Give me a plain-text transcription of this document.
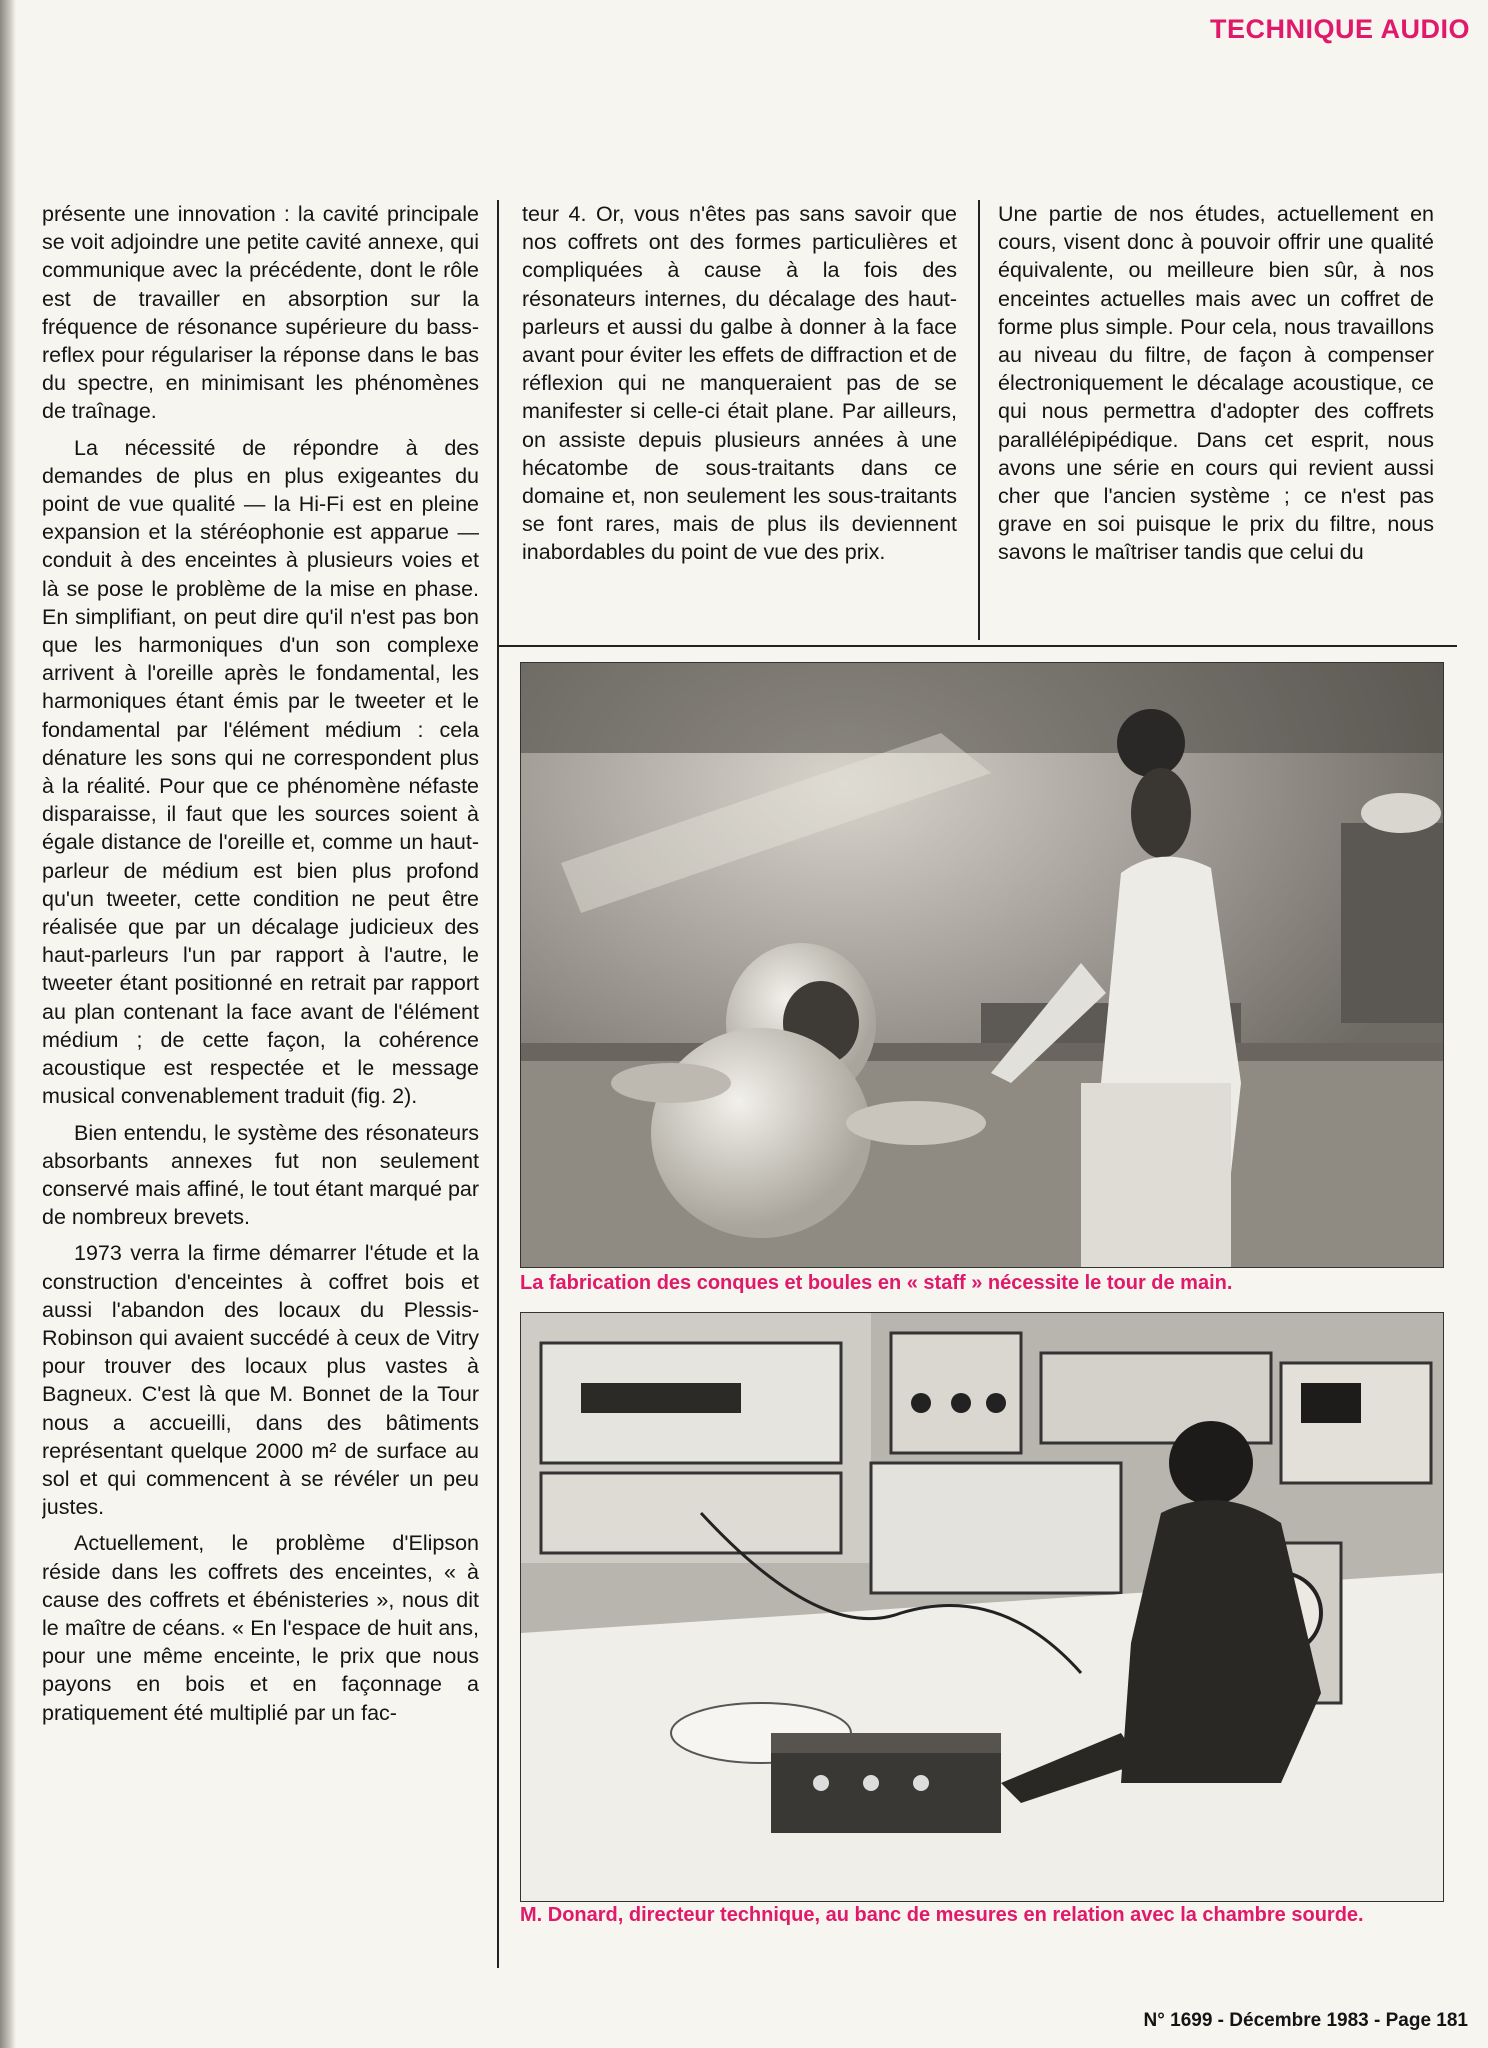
TECHNIQUE AUDIO

présente une innovation : la cavité principale se voit adjoindre une petite cavité annexe, qui communique avec la précédente, dont le rôle est de travailler en absorption sur la fréquence de résonance supérieure du bass-reflex pour régulariser la réponse dans le bas du spectre, en minimisant les phénomènes de traînage.

La nécessité de répondre à des demandes de plus en plus exigeantes du point de vue qualité — la Hi-Fi est en pleine expansion et la stéréophonie est apparue — conduit à des enceintes à plusieurs voies et là se pose le problème de la mise en phase. En simplifiant, on peut dire qu'il n'est pas bon que les harmoniques d'un son complexe arrivent à l'oreille après le fondamental, les harmoniques étant émis par le tweeter et le fondamental par l'élément médium : cela dénature les sons qui ne correspondent plus à la réalité. Pour que ce phénomène néfaste disparaisse, il faut que les sources soient à égale distance de l'oreille et, comme un haut-parleur de médium est bien plus profond qu'un tweeter, cette condition ne peut être réalisée que par un décalage judicieux des haut-parleurs l'un par rapport à l'autre, le tweeter étant positionné en retrait par rapport au plan contenant la face avant de l'élément médium ; de cette façon, la cohérence acoustique est respectée et le message musical convenablement traduit (fig. 2).

Bien entendu, le système des résonateurs absorbants annexes fut non seulement conservé mais affiné, le tout étant marqué par de nombreux brevets.

1973 verra la firme démarrer l'étude et la construction d'enceintes à coffret bois et aussi l'abandon des locaux du Plessis-Robinson qui avaient succédé à ceux de Vitry pour trouver des locaux plus vastes à Bagneux. C'est là que M. Bonnet de la Tour nous a accueilli, dans des bâtiments représentant quelque 2000 m² de surface au sol et qui commencent à se révéler un peu justes.

Actuellement, le problème d'Elipson réside dans les coffrets des enceintes, « à cause des coffrets et ébénisteries », nous dit le maître de céans. « En l'espace de huit ans, pour une même enceinte, le prix que nous payons en bois et en façonnage a pratiquement été multiplié par un fac-

teur 4. Or, vous n'êtes pas sans savoir que nos coffrets ont des formes particulières et compliquées à cause à la fois des résonateurs internes, du décalage des haut-parleurs et aussi du galbe à donner à la face avant pour éviter les effets de diffraction et de réflexion qui ne manqueraient pas de se manifester si celle-ci était plane. Par ailleurs, on assiste depuis plusieurs années à une hécatombe de sous-traitants dans ce domaine et, non seulement les sous-traitants se font rares, mais de plus ils deviennent inabordables du point de vue des prix.

Une partie de nos études, actuellement en cours, visent donc à pouvoir offrir une qualité équivalente, ou meilleure bien sûr, à nos enceintes actuelles mais avec un coffret de forme plus simple. Pour cela, nous travaillons au niveau du filtre, de façon à compenser électroniquement le décalage acoustique, ce qui nous permettra d'adopter des coffrets parallélépipédique. Dans cet esprit, nous avons une série en cours qui revient aussi cher que l'ancien système ; ce n'est pas grave en soi puisque le prix du filtre, nous savons le maîtriser tandis que celui du

La fabrication des conques et boules en « staff » nécessite le tour de main.
M. Donard, directeur technique, au banc de mesures en relation avec la chambre sourde.
N° 1699 - Décembre 1983 - Page 181
